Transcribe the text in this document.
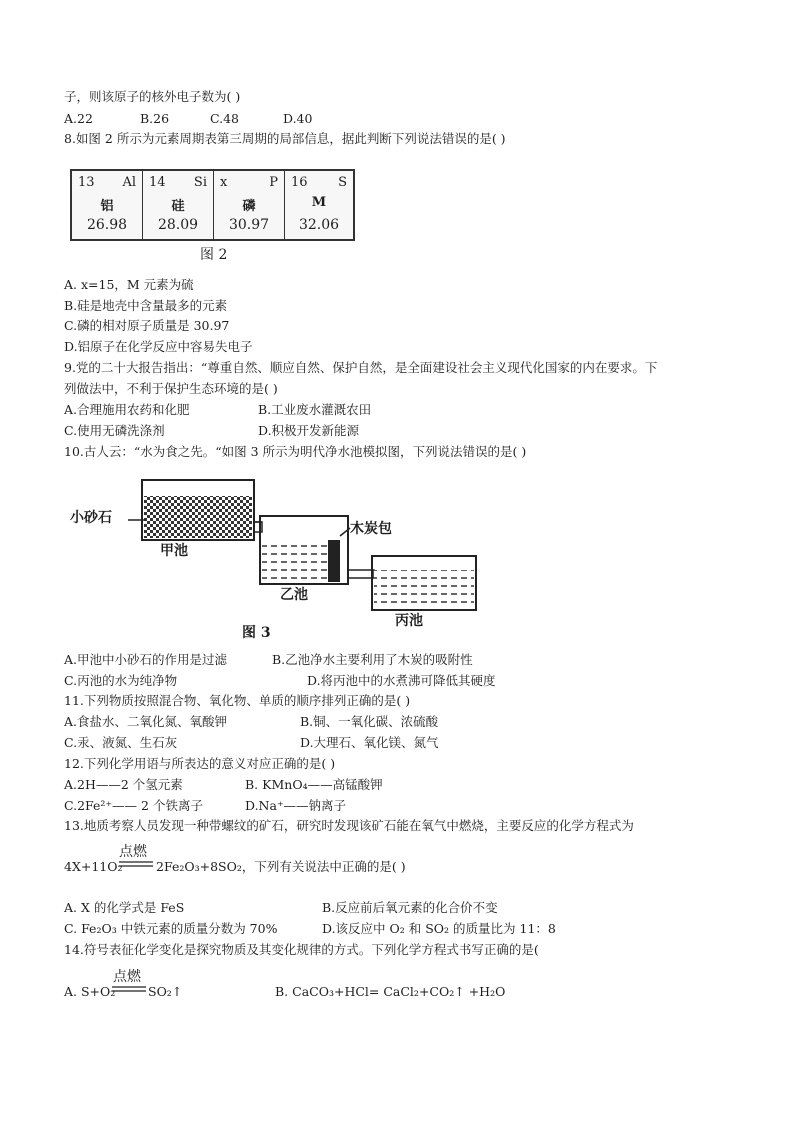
子，则该原子的核外电子数为( )
A.22	B.26	C.48	D.40
8.如图 2 所示为元素周期表第三周期的局部信息，据此判断下列说法错误的是( )
13 Al
铝
26.98
14 Si
硅
28.09
x	P
磷
30.97
16 S
M
32.06
图 2
A. x=15，M 元素为硫
B.硅是地壳中含量最多的元素
C.磷的相对原子质量是 30.97
D.铝原子在化学反应中容易失电子
9.党的二十大报告指出：“尊重自然、顺应自然、保护自然，是全面建设社会主义现代化国家的内在要求。下
列做法中，不利于保护生态环境的是( )
A.合理施用农药和化肥	B.工业废水灌溉农田
C.使用无磷洗涤剂	D.积极开发新能源
10.古人云：“水为食之先。“如图 3 所示为明代净水池模拟图，下列说法错误的是( )
小砂石
甲池
木炭包
乙池
丙池
图 3
A.甲池中小砂石的作用是过滤	B.乙池净水主要利用了木炭的吸附性
C.丙池的水为纯净物	D.将丙池中的水煮沸可降低其硬度
11.下列物质按照混合物、氧化物、单质的顺序排列正确的是( )
A.食盐水、二氧化氮、氧酸钾	B.铜、一氧化碳、浓硫酸
C.汞、液氮、生石灰	D.大理石、氧化镁、氮气
12.下列化学用语与所表达的意义对应正确的是( )
A.2H——2 个氢元素	B. KMnO₄——高锰酸钾
C.2Fe²⁺—— 2 个铁离子	D.Na⁺——钠离子
13.地质考察人员发现一种带螺纹的矿石，研究时发现该矿石能在氧气中燃烧，主要反应的化学方程式为
点燃
4X+11O₂	2Fe₂O₃+8SO₂，下列有关说法中正确的是( )
A. X 的化学式是 FeS	B.反应前后氧元素的化合价不变
C. Fe₂O₃ 中铁元素的质量分数为 70%	D.该反应中 O₂ 和 SO₂ 的质量比为 11：8
14.符号表征化学变化是探究物质及其变化规律的方式。下列化学方程式书写正确的是(
点燃
A. S+O₂	SO₂↑	B. CaCO₃+HCl= CaCl₂+CO₂↑ +H₂O
